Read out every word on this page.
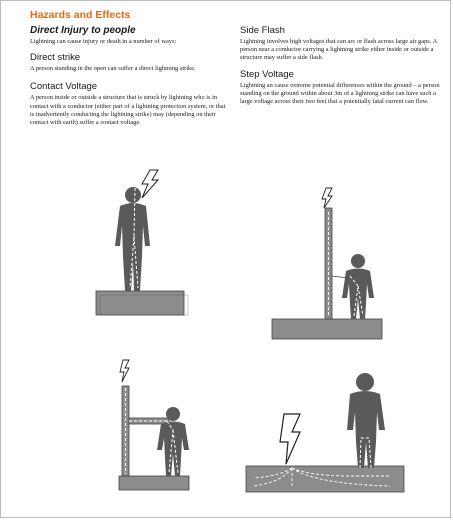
Hazards and Effects
Direct Injury to people

Lightning can cause injury or death in a number of ways:

Direct strike

A person standing in the open can suffer a direct lightning strike.

Contact Voltage

A person inside or outside a structure that is struck by lightning who is in contact with a conductor (either part of a lightning protection system, or that is inadvertently conducting the lightning strike) may (depending on their contact with earth) suffer a contact voltage.

Side Flash

Lightning involves high voltages that can arc or flash across large air gaps. A person near a conductor carrying a lightning strike either inside or outside a structure may suffer a side flash.

Step Voltage

Lightning an cause extreme potential differences within the ground – a person standing on the ground within about 3m of a lightning strike can have such a large voltage across their two feet that a potentially fatal current can flow.
